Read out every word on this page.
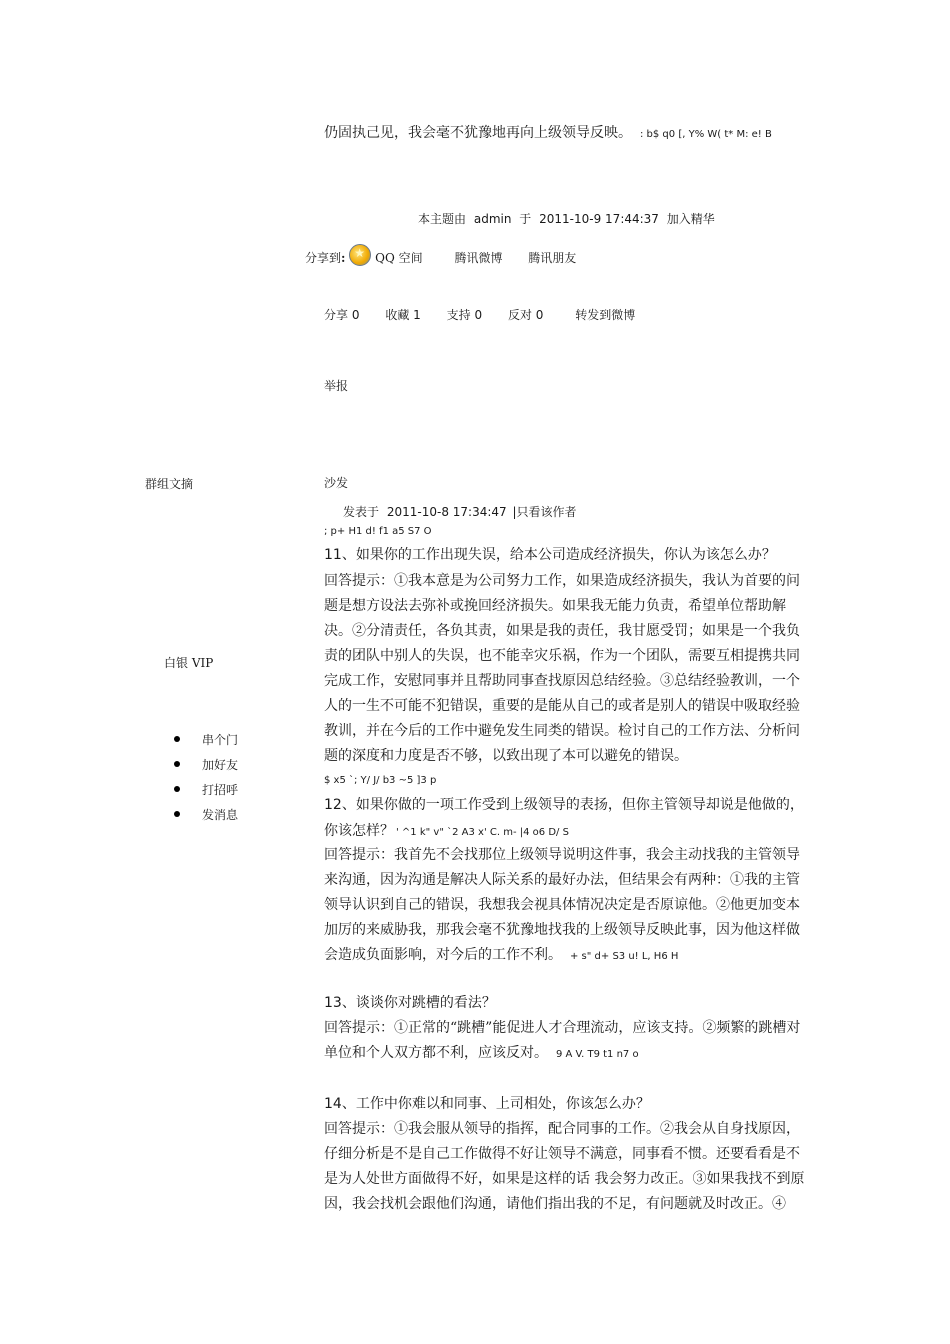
仍固执己见，我会毫不犹豫地再向上级领导反映。 : b$ q0 [, Y% W( t* M: e! B
本主题由 admin 于 2011-10-9 17:44:37 加入精华
分享到: ★ QQ 空间	腾讯微博 腾讯朋友
分享 0 收藏 1 支持 0 反对 0	转发到微博
举报
群组文摘
白银 VIP
串个门
加好友
打招呼
发消息
沙发
发表于 2011-10-8 17:34:47 |只看该作者
; p+ H1 d! f1 a5 S7 O
11、如果你的工作出现失误，给本公司造成经济损失，你认为该怎么办？
回答提示：①我本意是为公司努力工作，如果造成经济损失，我认为首要的问题是想方设法去弥补或挽回经济损失。如果我无能力负责，希望单位帮助解决。②分清责任，各负其责，如果是我的责任，我甘愿受罚；如果是一个我负责的团队中别人的失误，也不能幸灾乐祸，作为一个团队，需要互相提携共同完成工作，安慰同事并且帮助同事查找原因总结经验。③总结经验教训，一个人的一生不可能不犯错误，重要的是能从自己的或者是别人的错误中吸取经验教训，并在今后的工作中避免发生同类的错误。检讨自己的工作方法、分析问题的深度和力度是否不够，以致出现了本可以避免的错误。
$ x5 `; Y/ J/ b3 ~5 ]3 p
12、如果你做的一项工作受到上级领导的表扬，但你主管领导却说是他做的，
你该怎样？ ' ^1 k" v" `2 A3 x' C. m- |4 o6 D/ S
回答提示：我首先不会找那位上级领导说明这件事，我会主动找我的主管领导来沟通，因为沟通是解决人际关系的最好办法，但结果会有两种：①我的主管领导认识到自己的错误，我想我会视具体情况决定是否原谅他。②他更加变本加厉的来威胁我，那我会毫不犹豫地找我的上级领导反映此事，因为他这样做会造成负面影响，对今后的工作不利。 + s" d+ S3 u! L, H6 H
13、谈谈你对跳槽的看法？
回答提示：①正常的“跳槽”能促进人才合理流动，应该支持。②频繁的跳槽对单位和个人双方都不利，应该反对。 9 A V. T9 t1 n7 o
14、工作中你难以和同事、上司相处，你该怎么办？
回答提示：①我会服从领导的指挥，配合同事的工作。②我会从自身找原因，仔细分析是不是自己工作做得不好让领导不满意，同事看不惯。还要看看是不是为人处世方面做得不好，如果是这样的话 我会努力改正。③如果我找不到原因，我会找机会跟他们沟通，请他们指出我的不足，有问题就及时改正。④
